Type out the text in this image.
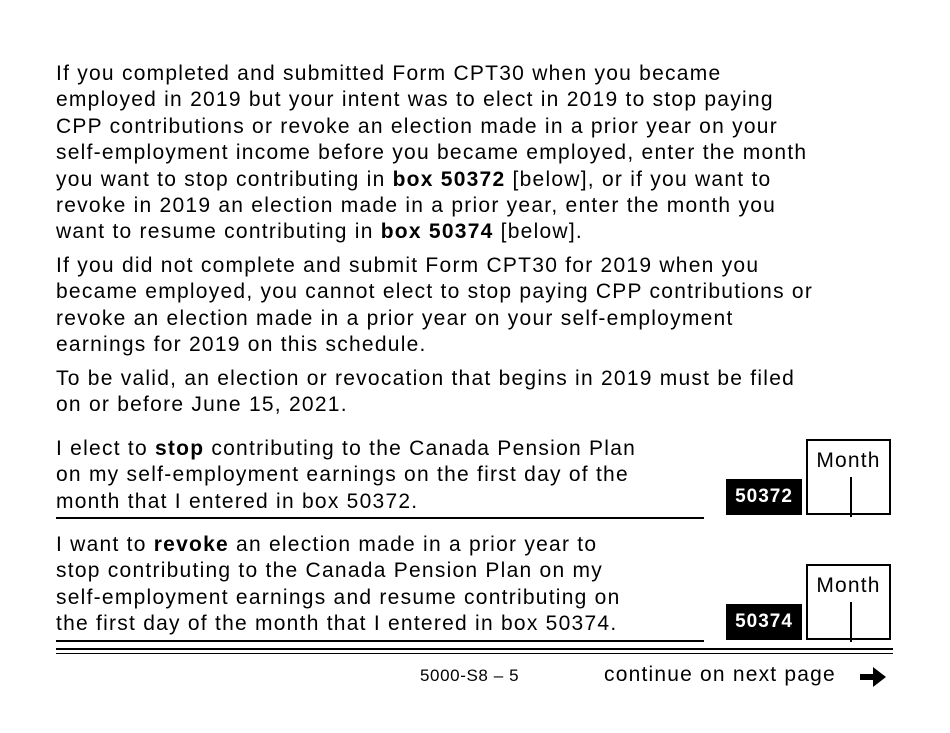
If you completed and submitted Form CPT30 when you became
employed in 2019 but your intent was to elect in 2019 to stop paying
CPP contributions or revoke an election made in a prior year on your
self-employment income before you became employed, enter the month
you want to stop contributing in box 50372 [below], or if you want to
revoke in 2019 an election made in a prior year, enter the month you
want to resume contributing in box 50374 [below].
If you did not complete and submit Form CPT30 for 2019 when you
became employed, you cannot elect to stop paying CPP contributions or
revoke an election made in a prior year on your self-employment
earnings for 2019 on this schedule.
To be valid, an election or revocation that begins in 2019 must be filed
on or before June 15, 2021.
I elect to stop contributing to the Canada Pension Plan
on my self-employment earnings on the first day of the
month that I entered in box 50372.	50372
Month
I want to revoke an election made in a prior year to
stop contributing to the Canada Pension Plan on my
self-employment earnings and resume contributing on
the first day of the month that I entered in box 50374.	50374
Month
5000-S8 – 5	continue on next page
